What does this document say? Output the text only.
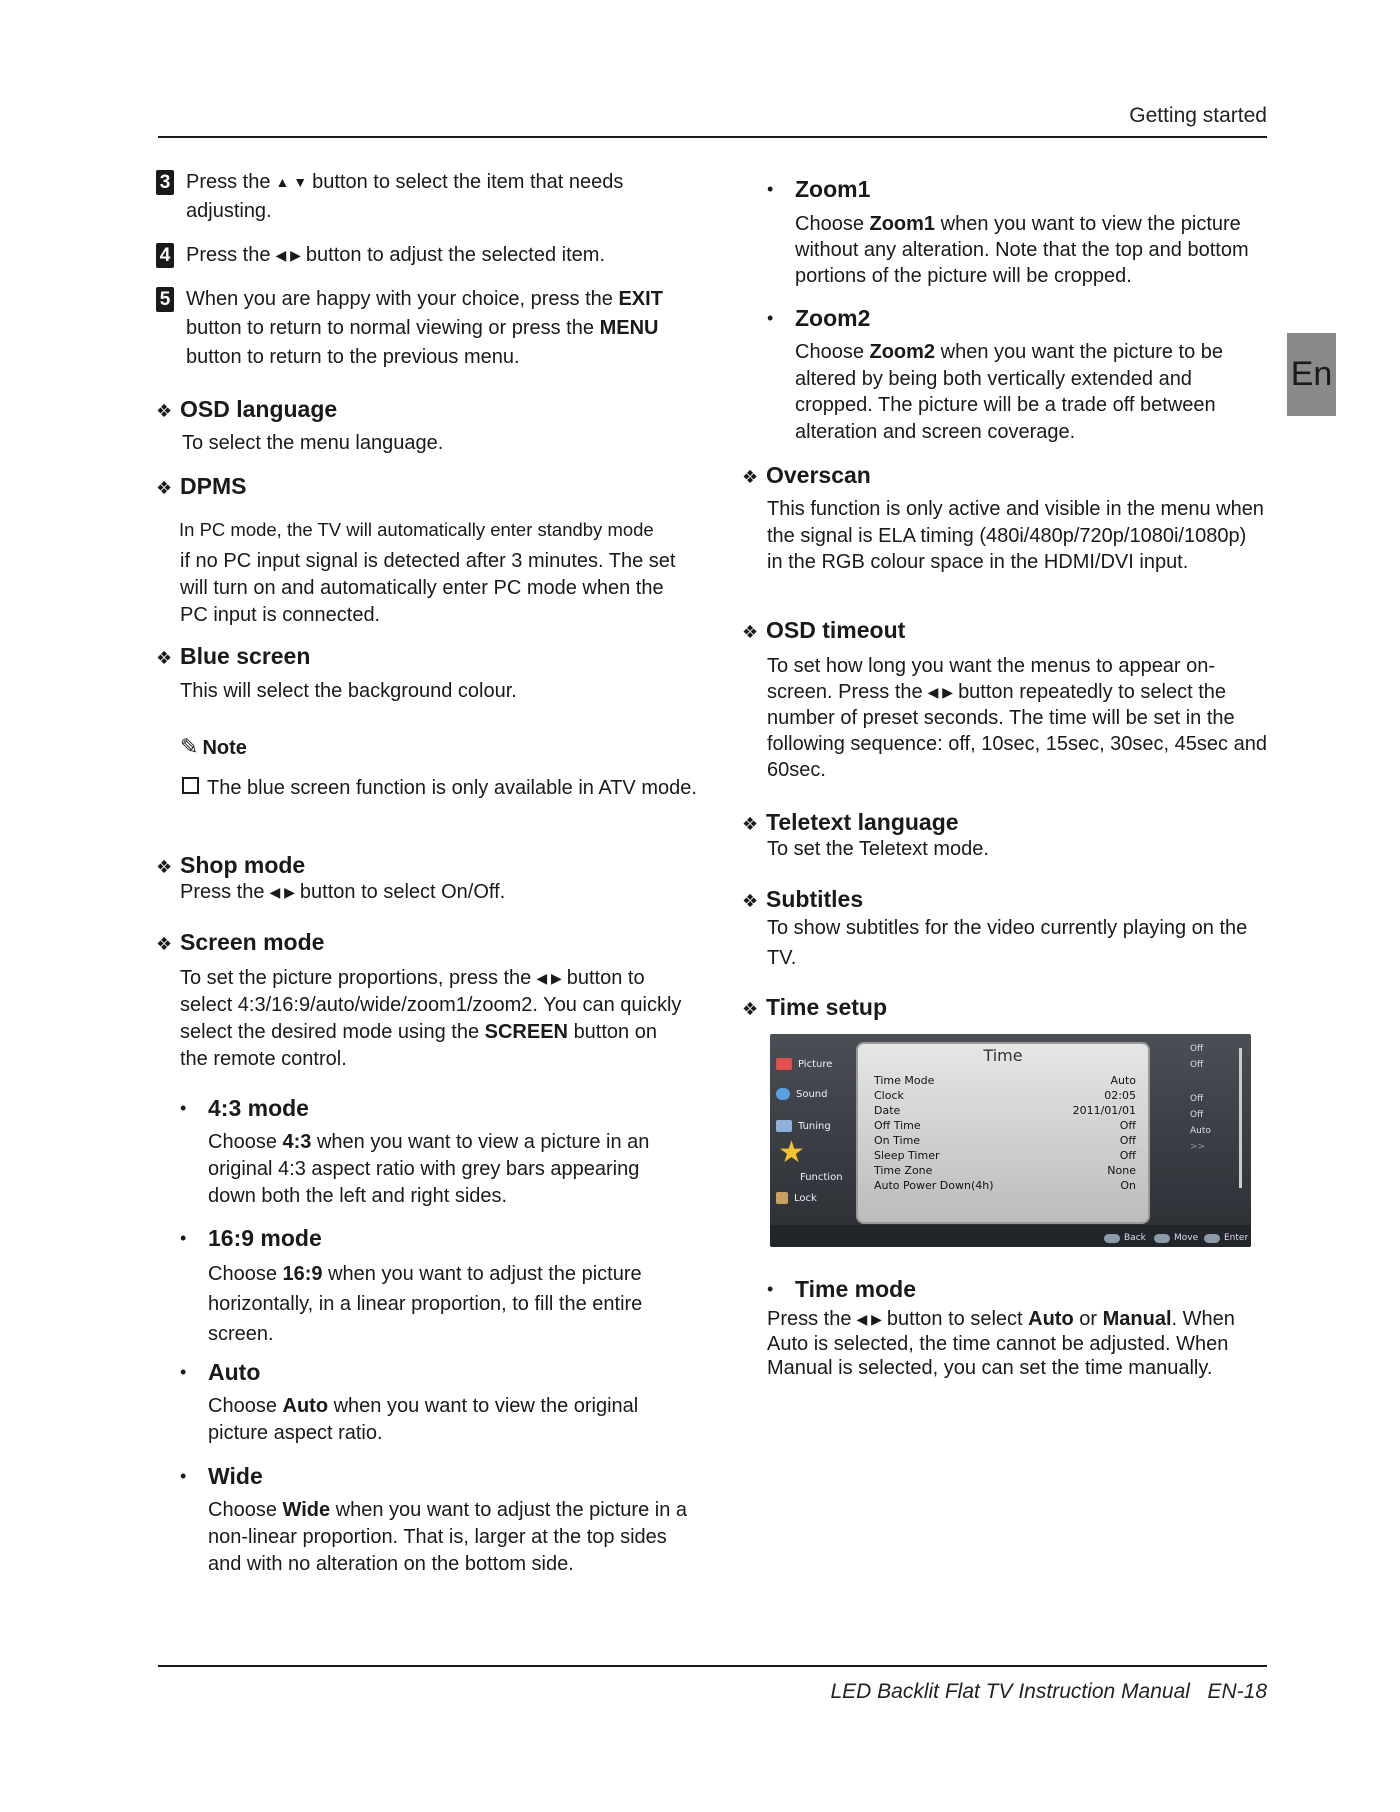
Getting started
En
3 Press the ▲ ▼ button to select the item that needs adjusting.
4 Press the ◀ ▶ button to adjust the selected item.
5 When you are happy with your choice, press the EXIT button to return to normal viewing or press the MENU button to return to the previous menu.
❖ OSD language
To select the menu language.
❖ DPMS
In PC mode, the TV will automatically enter standby mode
if no PC input signal is detected after 3 minutes. The set will turn on and automatically enter PC mode when the PC input is connected.
❖ Blue screen
This will select the background colour.
✎ Note
The blue screen function is only available in ATV mode.
❖ Shop mode
Press the ◀ ▶ button to select On/Off.
❖ Screen mode
To set the picture proportions, press the ◀ ▶ button to select 4:3/16:9/auto/wide/zoom1/zoom2. You can quickly select the desired mode using the SCREEN button on the remote control.
• 4:3 mode
Choose 4:3 when you want to view a picture in an original 4:3 aspect ratio with grey bars appearing down both the left and right sides.
• 16:9 mode
Choose 16:9 when you want to adjust the picture horizontally, in a linear proportion, to fill the entire screen.
• Auto
Choose Auto when you want to view the original picture aspect ratio.
• Wide
Choose Wide when you want to adjust the picture in a non-linear proportion. That is, larger at the top sides and with no alteration on the bottom side.
• Zoom1
Choose Zoom1 when you want to view the picture without any alteration. Note that the top and bottom portions of the picture will be cropped.
• Zoom2
Choose Zoom2 when you want the picture to be altered by being both vertically extended and cropped. The picture will be a trade off between alteration and screen coverage.
❖ Overscan
This function is only active and visible in the menu when the signal is ELA timing (480i/480p/720p/1080i/1080p) in the RGB colour space in the HDMI/DVI input.
❖ OSD timeout
To set how long you want the menus to appear on-screen. Press the ◀ ▶ button repeatedly to select the number of preset seconds. The time will be set in the following sequence: off, 10sec, 15sec, 30sec, 45sec and 60sec.
❖ Teletext language
To set the Teletext mode.
❖ Subtitles
To show subtitles for the video currently playing on the TV.
❖ Time setup
Picture
Sound
Tuning
★
Function
Lock
Time
Time Mode	Auto
Clock	02:05
Date	2011/01/01
Off Time	Off
On Time	Off
Sleep Timer	Off
Time Zone	None
Auto Power Down(4h)	On
Off
Off
Off
Off
Auto
>>
Back	Move	Enter
• Time mode
Press the ◀ ▶ button to select Auto or Manual. When Auto is selected, the time cannot be adjusted. When Manual is selected, you can set the time manually.
LED Backlit Flat TV Instruction Manual EN-18
